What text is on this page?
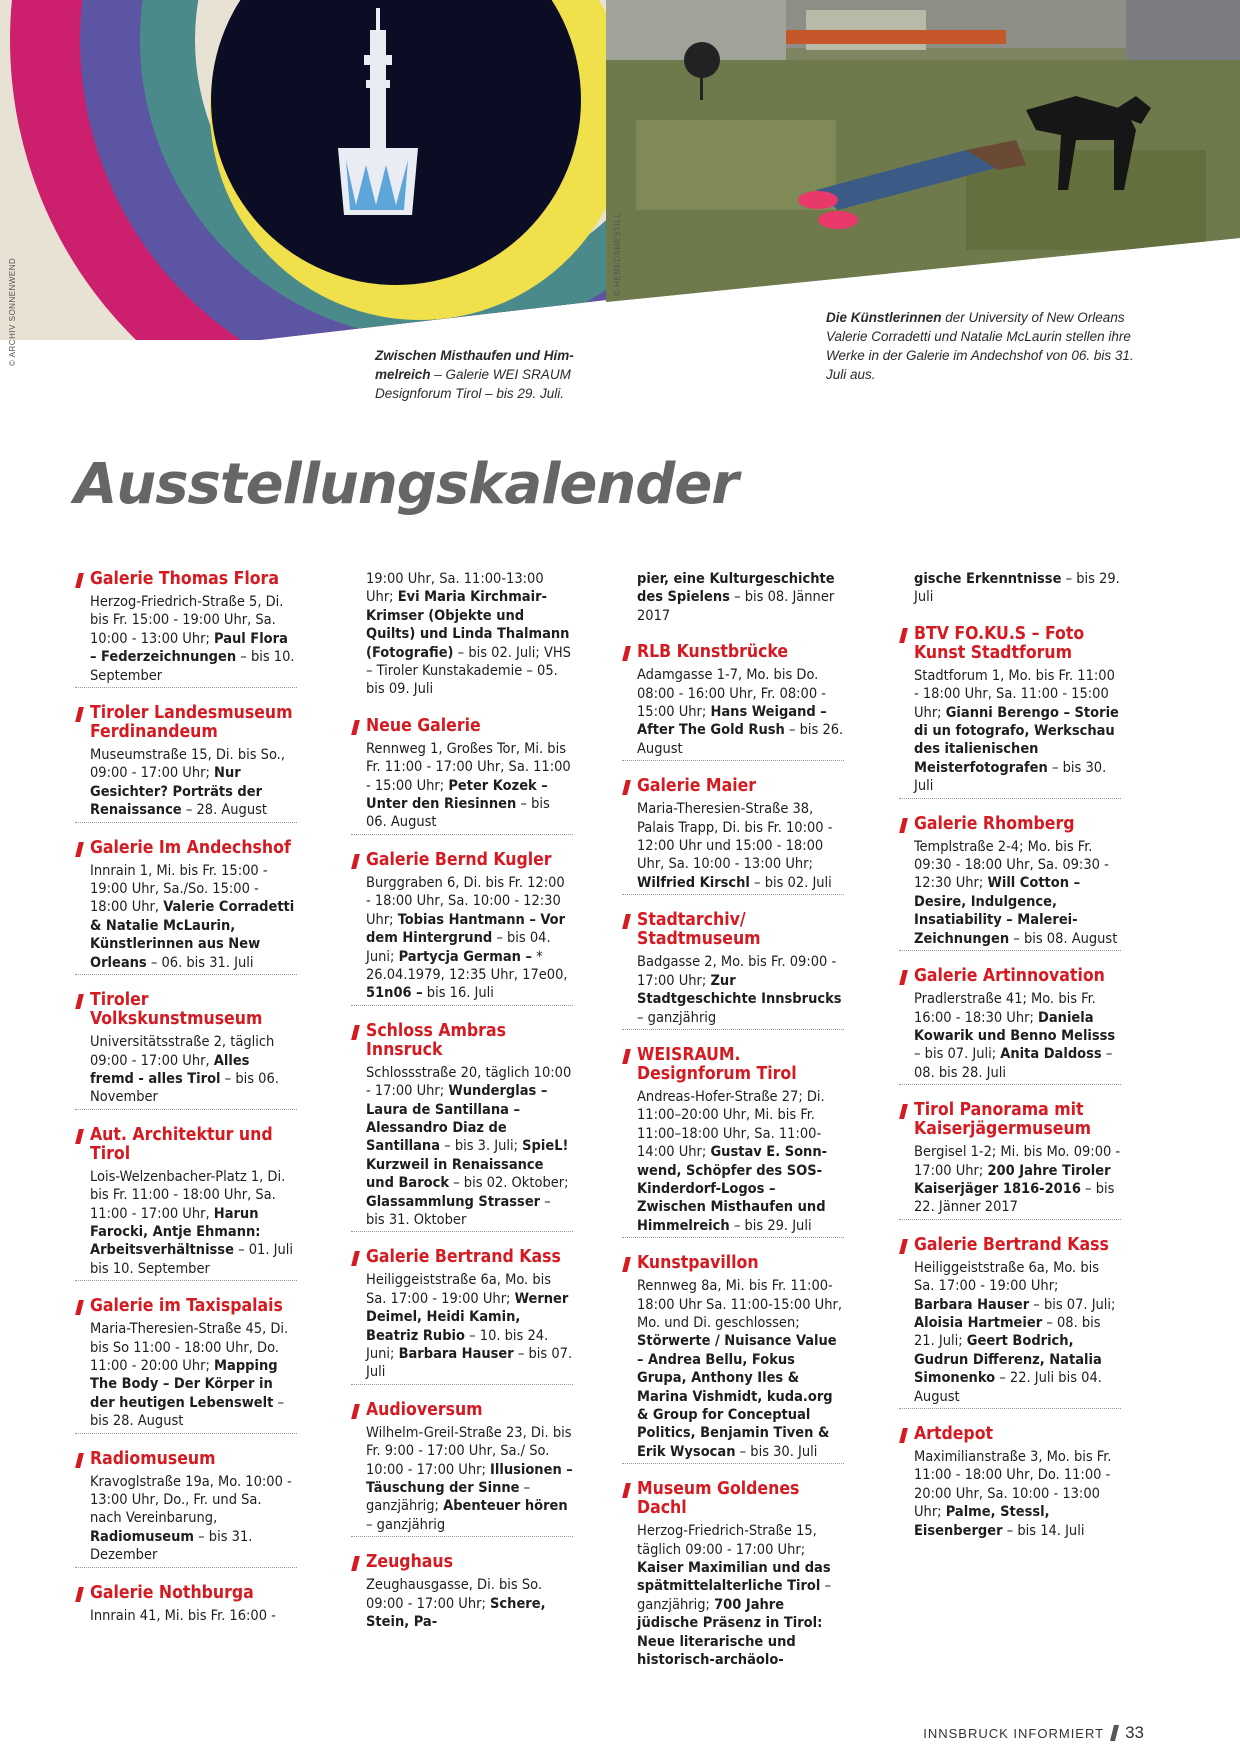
© ARCHIV SONNENWEND
© HEMEDSMESTILL
Zwischen Misthaufen und Himmelreich – Galerie WEI SRAUM Designforum Tirol – bis 29. Juli.
Die Künstlerinnen der University of New Orleans Valerie Corradetti und Natalie McLaurin stellen ihre Werke in der Galerie im Andechshof von 06. bis 31. Juli aus.
Ausstellungskalender
Galerie Thomas Flora
Herzog-Friedrich-Straße 5, Di. bis Fr. 15:00 - 19:00 Uhr, Sa. 10:00 - 13:00 Uhr; Paul Flora – Federzeichnungen – bis 10. September
Tiroler Landesmuseum Ferdinandeum
Museumstraße 15, Di. bis So., 09:00 - 17:00 Uhr; Nur Gesichter? Porträts der Renaissance – 28. August
Galerie Im Andechshof
Innrain 1, Mi. bis Fr. 15:00 - 19:00 Uhr, Sa./So. 15:00 - 18:00 Uhr, Valerie Corradetti & Natalie McLaurin, Künstlerinnen aus New Orleans – 06. bis 31. Juli
Tiroler Volkskunstmuseum
Universitätsstraße 2, täglich 09:00 - 17:00 Uhr, Alles fremd - alles Tirol – bis 06. November
Aut. Architektur und Tirol
Lois-Welzenbacher-Platz 1, Di. bis Fr. 11:00 - 18:00 Uhr, Sa. 11:00 - 17:00 Uhr, Harun Farocki, Antje Ehmann: Arbeitsverhältnisse – 01. Juli bis 10. September
Galerie im Taxispalais
Maria-Theresien-Straße 45, Di. bis So 11:00 - 18:00 Uhr, Do. 11:00 - 20:00 Uhr; Mapping The Body – Der Körper in der heutigen Lebenswelt – bis 28. August
Radiomuseum
Kravoglstraße 19a, Mo. 10:00 - 13:00 Uhr, Do., Fr. und Sa. nach Vereinbarung, Radiomuseum – bis 31. Dezember
Galerie Nothburga
Innrain 41, Mi. bis Fr. 16:00 -
19:00 Uhr, Sa. 11:00-13:00 Uhr; Evi Maria Kirchmair-Krimser (Objekte und Quilts) und Linda Thalmann (Fotografie) – bis 02. Juli; VHS – Tiroler Kunstakademie – 05. bis 09. Juli
Neue Galerie
Rennweg 1, Großes Tor, Mi. bis Fr. 11:00 - 17:00 Uhr, Sa. 11:00 - 15:00 Uhr; Peter Kozek – Unter den Riesinnen – bis 06. August
Galerie Bernd Kugler
Burggraben 6, Di. bis Fr. 12:00 - 18:00 Uhr, Sa. 10:00 - 12:30 Uhr; Tobias Hantmann – Vor dem Hintergrund – bis 04. Juni; Partycja German – * 26.04.1979, 12:35 Uhr, 17e00, 51n06 – bis 16. Juli
Schloss Ambras Innsruck
Schlossstraße 20, täglich 10:00 - 17:00 Uhr; Wunderglas – Laura de Santillana – Alessandro Diaz de Santillana – bis 3. Juli; SpieL! Kurzweil in Renaissance und Barock – bis 02. Oktober; Glassammlung Strasser – bis 31. Oktober
Galerie Bertrand Kass
Heiliggeiststraße 6a, Mo. bis Sa. 17:00 - 19:00 Uhr; Werner Deimel, Heidi Kamin, Beatriz Rubio – 10. bis 24. Juni; Barbara Hauser – bis 07. Juli
Audioversum
Wilhelm-Greil-Straße 23, Di. bis Fr. 9:00 - 17:00 Uhr, Sa./ So. 10:00 - 17:00 Uhr; Illusionen – Täuschung der Sinne – ganzjährig; Abenteuer hören – ganzjährig
Zeughaus
Zeughausgasse, Di. bis So. 09:00 - 17:00 Uhr; Schere, Stein, Pa-
pier, eine Kulturgeschichte des Spielens – bis 08. Jänner 2017
RLB Kunstbrücke
Adamgasse 1-7, Mo. bis Do. 08:00 - 16:00 Uhr, Fr. 08:00 - 15:00 Uhr; Hans Weigand – After The Gold Rush – bis 26. August
Galerie Maier
Maria-Theresien-Straße 38, Palais Trapp, Di. bis Fr. 10:00 - 12:00 Uhr und 15:00 - 18:00 Uhr, Sa. 10:00 - 13:00 Uhr; Wilfried Kirschl – bis 02. Juli
Stadtarchiv/ Stadtmuseum
Badgasse 2, Mo. bis Fr. 09:00 - 17:00 Uhr; Zur Stadtgeschichte Innsbrucks – ganzjährig
WEISRAUM. Designforum Tirol
Andreas-Hofer-Straße 27; Di. 11:00–20:00 Uhr, Mi. bis Fr. 11:00–18:00 Uhr, Sa. 11:00-14:00 Uhr; Gustav E. Sonnwend, Schöpfer des SOS-Kinderdorf-Logos – Zwischen Misthaufen und Himmelreich – bis 29. Juli
Kunstpavillon
Rennweg 8a, Mi. bis Fr. 11:00-18:00 Uhr Sa. 11:00-15:00 Uhr, Mo. und Di. geschlossen; Störwerte / Nuisance Value – Andrea Bellu, Fokus Grupa, Anthony Iles & Marina Vishmidt, kuda.org & Group for Conceptual Politics, Benjamin Tiven & Erik Wysocan – bis 30. Juli
Museum Goldenes Dachl
Herzog-Friedrich-Straße 15, täglich 09:00 - 17:00 Uhr; Kaiser Maximilian und das spätmittelalterliche Tirol – ganzjährig; 700 Jahre jüdische Präsenz in Tirol: Neue literarische und historisch-archäolo-
gische Erkenntnisse – bis 29. Juli
BTV FO.KU.S – Foto Kunst Stadtforum
Stadtforum 1, Mo. bis Fr. 11:00 - 18:00 Uhr, Sa. 11:00 - 15:00 Uhr; Gianni Berengo – Storie di un fotografo, Werkschau des italienischen Meisterfotografen – bis 30. Juli
Galerie Rhomberg
Templstraße 2-4; Mo. bis Fr. 09:30 - 18:00 Uhr, Sa. 09:30 - 12:30 Uhr; Will Cotton – Desire, Indulgence, Insatiability – Malerei-Zeichnungen – bis 08. August
Galerie Artinnovation
Pradlerstraße 41; Mo. bis Fr. 16:00 - 18:30 Uhr; Daniela Kowarik und Benno Melisss – bis 07. Juli; Anita Daldoss – 08. bis 28. Juli
Tirol Panorama mit Kaiserjägermuseum
Bergisel 1-2; Mi. bis Mo. 09:00 - 17:00 Uhr; 200 Jahre Tiroler Kaiserjäger 1816-2016 – bis 22. Jänner 2017
Galerie Bertrand Kass
Heiliggeiststraße 6a, Mo. bis Sa. 17:00 - 19:00 Uhr; Barbara Hauser – bis 07. Juli; Aloisia Hartmeier – 08. bis 21. Juli; Geert Bodrich, Gudrun Differenz, Natalia Simonenko – 22. Juli bis 04. August
Artdepot
Maximilianstraße 3, Mo. bis Fr. 11:00 - 18:00 Uhr, Do. 11:00 - 20:00 Uhr, Sa. 10:00 - 13:00 Uhr; Palme, Stessl, Eisenberger – bis 14. Juli
INNSBRUCK INFORMIERT 33
